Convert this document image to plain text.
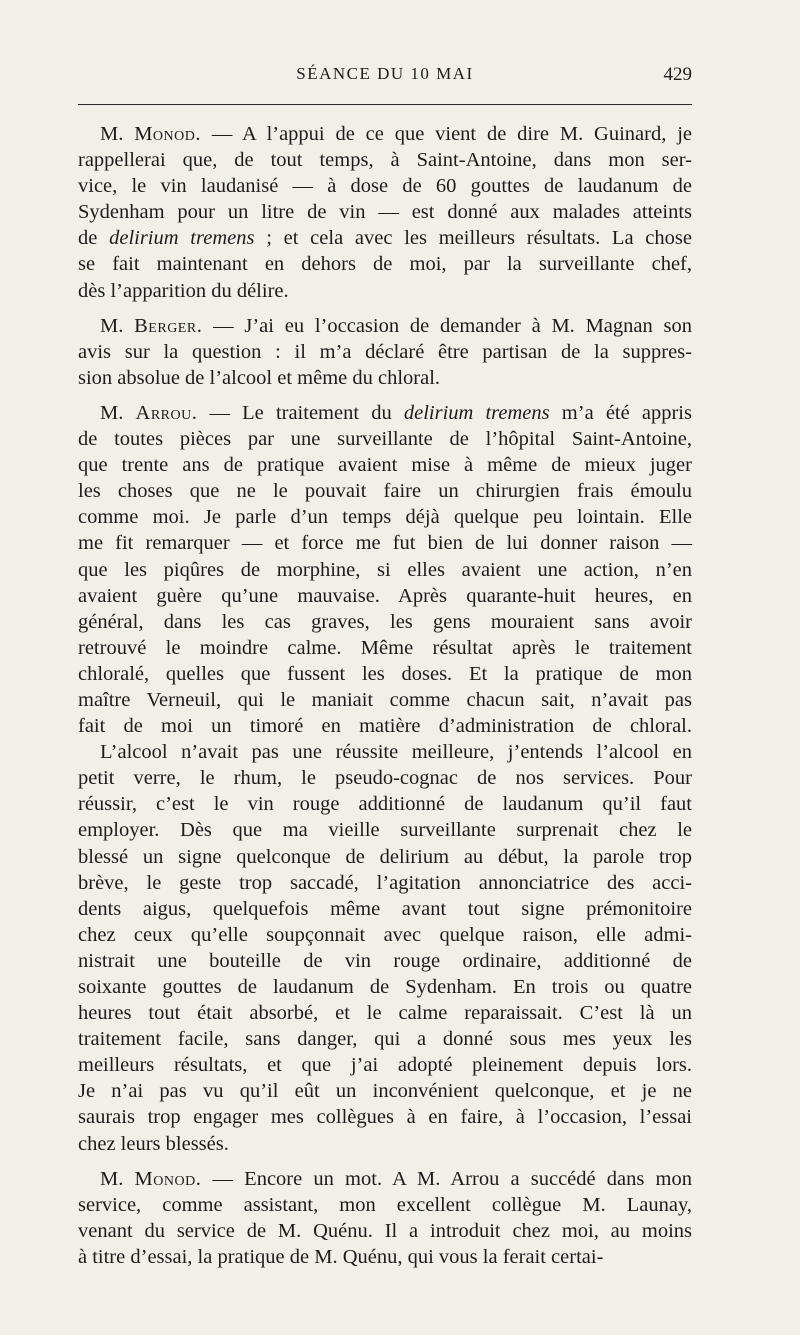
SÉANCE DU 10 MAI	429
M. Monod. — A l’appui de ce que vient de dire M. Guinard, je
rappellerai que, de tout temps, à Saint-Antoine, dans mon ser-
vice, le vin laudanisé — à dose de 60 gouttes de laudanum de
Sydenham pour un litre de vin — est donné aux malades atteints
de delirium tremens ; et cela avec les meilleurs résultats. La chose
se fait maintenant en dehors de moi, par la surveillante chef,
dès l’apparition du délire.
M. Berger. — J’ai eu l’occasion de demander à M. Magnan son
avis sur la question : il m’a déclaré être partisan de la suppres-
sion absolue de l’alcool et même du chloral.
M. Arrou. — Le traitement du delirium tremens m’a été appris
de toutes pièces par une surveillante de l’hôpital Saint-Antoine,
que trente ans de pratique avaient mise à même de mieux juger
les choses que ne le pouvait faire un chirurgien frais émoulu
comme moi. Je parle d’un temps déjà quelque peu lointain. Elle
me fit remarquer — et force me fut bien de lui donner raison —
que les piqûres de morphine, si elles avaient une action, n’en
avaient guère qu’une mauvaise. Après quarante-huit heures, en
général, dans les cas graves, les gens mouraient sans avoir
retrouvé le moindre calme. Même résultat après le traitement
chloralé, quelles que fussent les doses. Et la pratique de mon
maître Verneuil, qui le maniait comme chacun sait, n’avait pas
fait de moi un timoré en matière d’administration de chloral.
L’alcool n’avait pas une réussite meilleure, j’entends l’alcool en
petit verre, le rhum, le pseudo-cognac de nos services. Pour
réussir, c’est le vin rouge additionné de laudanum qu’il faut
employer. Dès que ma vieille surveillante surprenait chez le
blessé un signe quelconque de delirium au début, la parole trop
brève, le geste trop saccadé, l’agitation annonciatrice des acci-
dents aigus, quelquefois même avant tout signe prémonitoire
chez ceux qu’elle soupçonnait avec quelque raison, elle admi-
nistrait une bouteille de vin rouge ordinaire, additionné de
soixante gouttes de laudanum de Sydenham. En trois ou quatre
heures tout était absorbé, et le calme reparaissait. C’est là un
traitement facile, sans danger, qui a donné sous mes yeux les
meilleurs résultats, et que j’ai adopté pleinement depuis lors.
Je n’ai pas vu qu’il eût un inconvénient quelconque, et je ne
saurais trop engager mes collègues à en faire, à l’occasion, l’essai
chez leurs blessés.
M. Monod. — Encore un mot. A M. Arrou a succédé dans mon
service, comme assistant, mon excellent collègue M. Launay,
venant du service de M. Quénu. Il a introduit chez moi, au moins
à titre d’essai, la pratique de M. Quénu, qui vous la ferait certai-
